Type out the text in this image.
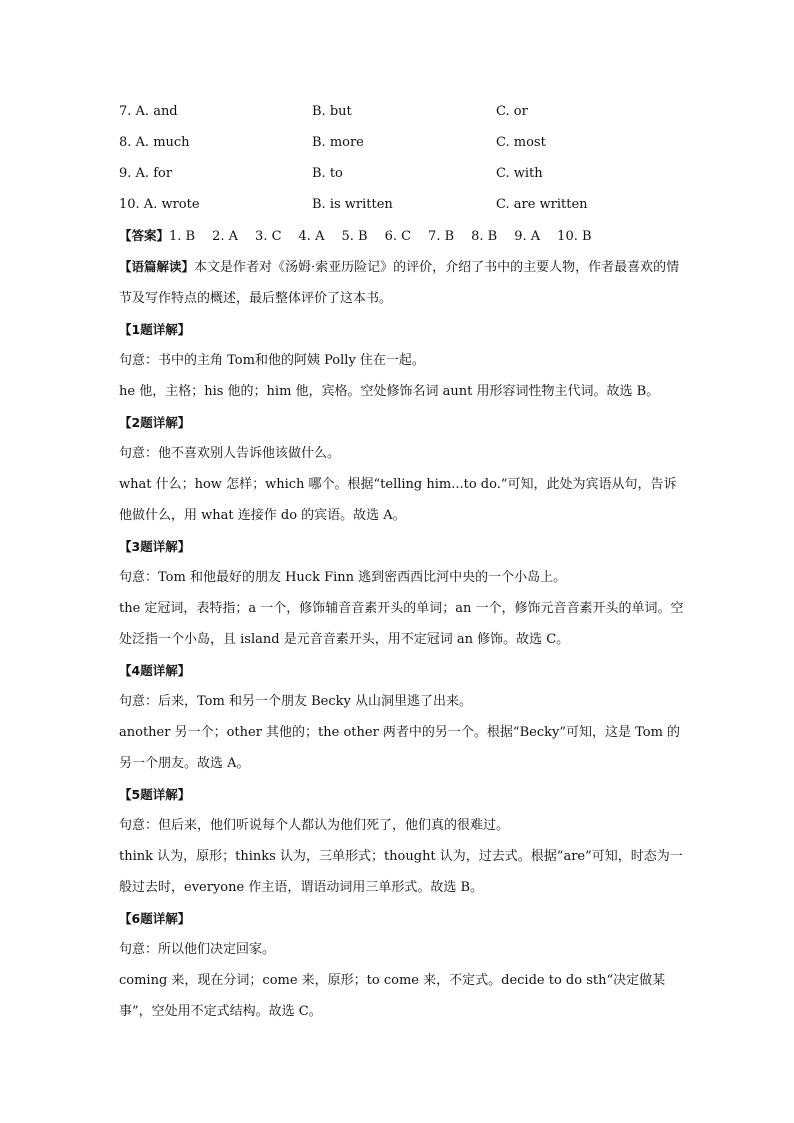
7. A. and	B. but	C. or
8. A. much	B. more	C. most
9. A. for	B. to	C. with
10. A. wrote	B. is written	C. are written
【答案】1. B 2. A 3. C 4. A 5. B 6. C 7. B 8. B 9. A 10. B
【语篇解读】本文是作者对《汤姆·索亚历险记》的评价，介绍了书中的主要人物，作者最喜欢的情节及写作特点的概述，最后整体评价了这本书。
【1题详解】
句意：书中的主角 Tom和他的阿姨 Polly 住在一起。
he 他，主格；his 他的；him 他，宾格。空处修饰名词 aunt 用形容词性物主代词。故选 B。
【2题详解】
句意：他不喜欢别人告诉他该做什么。
what 什么；how 怎样；which 哪个。根据“telling him...to do.”可知，此处为宾语从句，告诉他做什么，用 what 连接作 do 的宾语。故选 A。
【3题详解】
句意：Tom 和他最好的朋友 Huck Finn 逃到密西西比河中央的一个小岛上。
the 定冠词，表特指；a 一个，修饰辅音音素开头的单词；an 一个，修饰元音音素开头的单词。空处泛指一个小岛，且 island 是元音音素开头，用不定冠词 an 修饰。故选 C。
【4题详解】
句意：后来，Tom 和另一个朋友 Becky 从山洞里逃了出来。
another 另一个；other 其他的；the other 两者中的另一个。根据“Becky”可知，这是 Tom 的另一个朋友。故选 A。
【5题详解】
句意：但后来，他们听说每个人都认为他们死了，他们真的很难过。
think 认为，原形；thinks 认为，三单形式；thought 认为，过去式。根据“are”可知，时态为一般过去时，everyone 作主语，谓语动词用三单形式。故选 B。
【6题详解】
句意：所以他们决定回家。
coming 来，现在分词；come 来，原形；to come 来，不定式。decide to do sth“决定做某事”，空处用不定式结构。故选 C。
